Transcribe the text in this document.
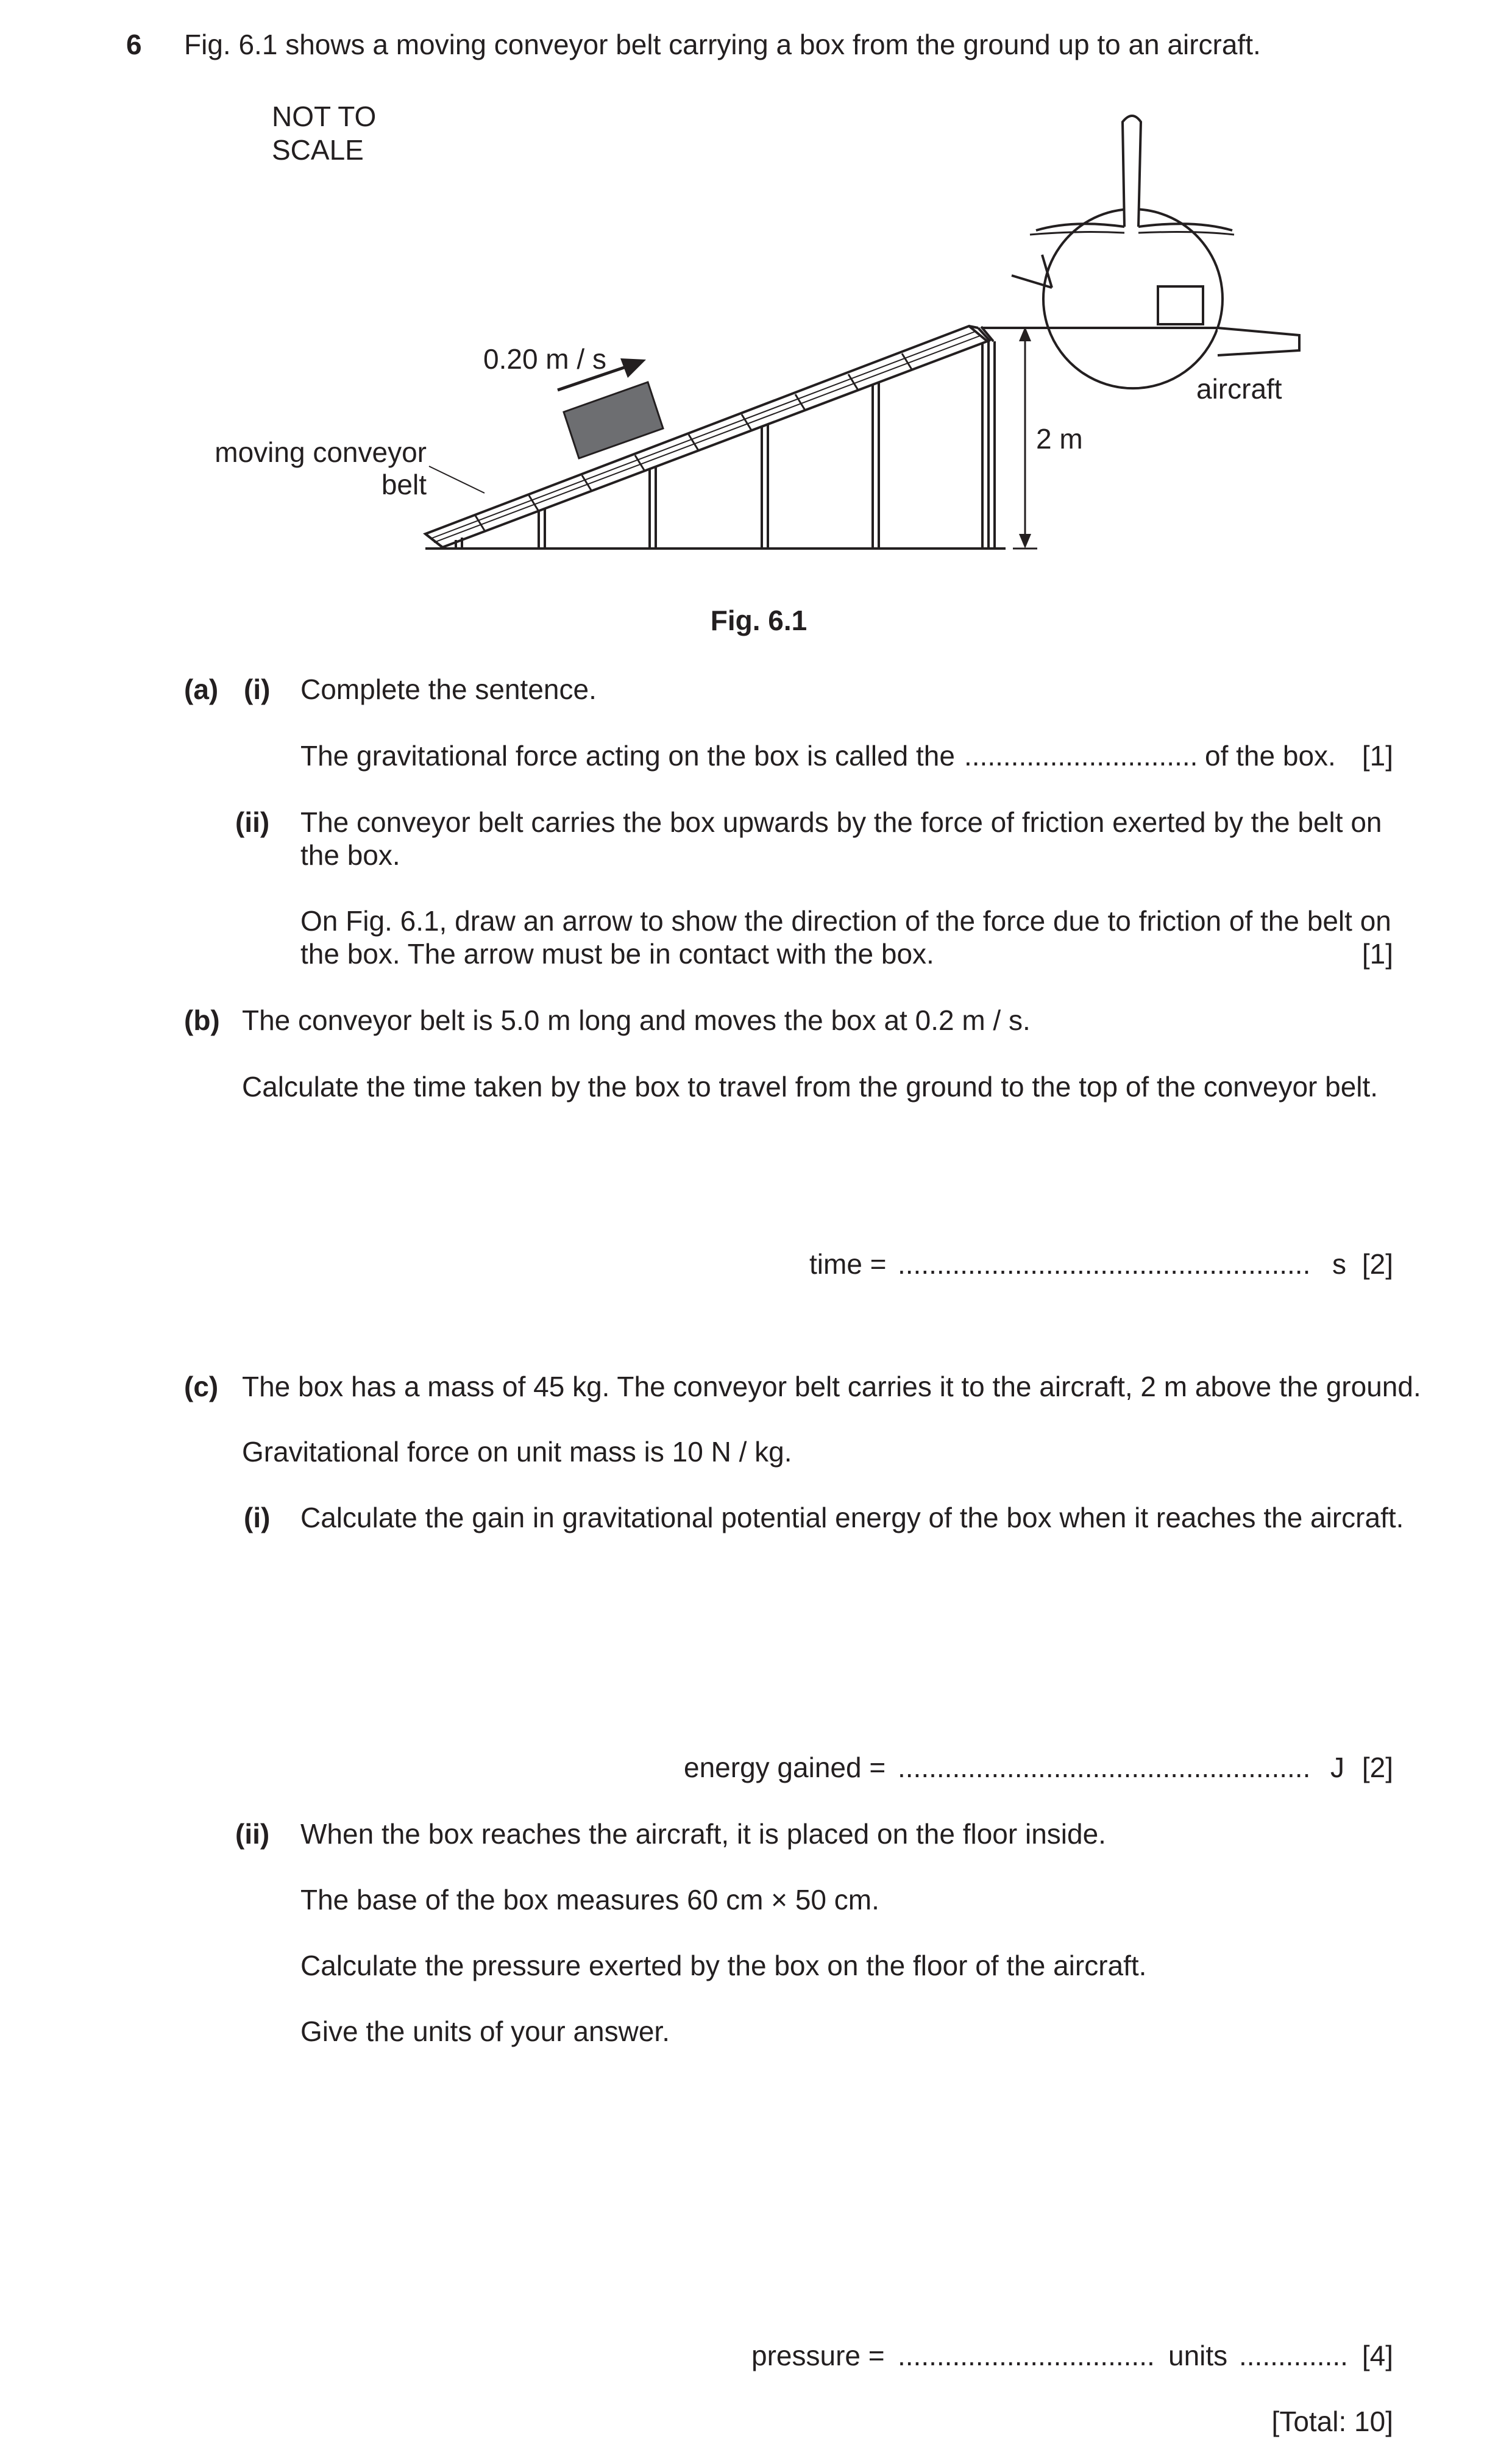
6 Fig. 6.1 shows a moving conveyor belt carrying a box from the ground up to an aircraft.
NOT TO
SCALE
0.20 m / s
moving conveyor
belt
2 m
aircraft
Fig. 6.1
(a) (i) Complete the sentence.
The gravitational force acting on the box is called the .............................. of the box. [1]
(ii) The conveyor belt carries the box upwards by the force of friction exerted by the belt on
the box.
On Fig. 6.1, draw an arrow to show the direction of the force due to friction of the belt on
the box. The arrow must be in contact with the box.	[1]
(b) The conveyor belt is 5.0 m long and moves the box at 0.2 m / s.
Calculate the time taken by the box to travel from the ground to the top of the conveyor belt.
time = ..................................................... s [2]
(c) The box has a mass of 45 kg. The conveyor belt carries it to the aircraft, 2 m above the ground.
Gravitational force on unit mass is 10 N / kg.
(i) Calculate the gain in gravitational potential energy of the box when it reaches the aircraft.
energy gained = ..................................................... J [2]
(ii) When the box reaches the aircraft, it is placed on the floor inside.
The base of the box measures 60 cm × 50 cm.
Calculate the pressure exerted by the box on the floor of the aircraft.
Give the units of your answer.
pressure = ................................. units .............. [4]
[Total: 10]
